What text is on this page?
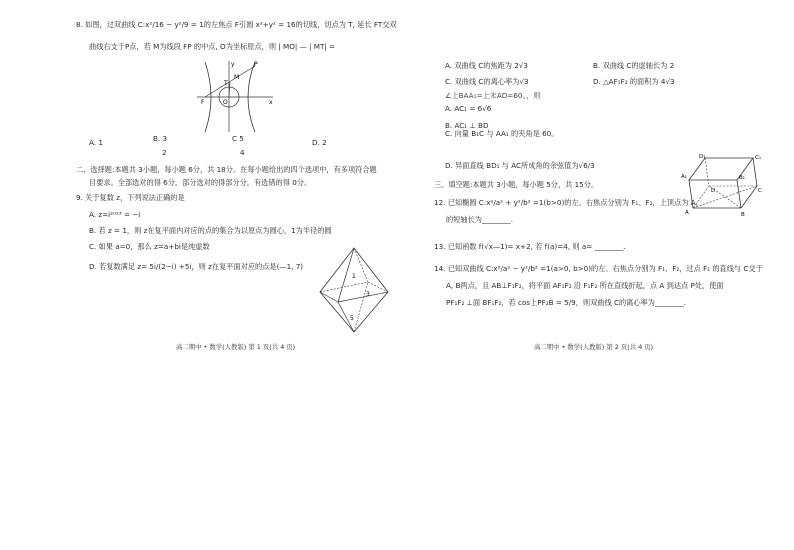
8. 如图，过双曲线 C:x²/16 − y²/9 = 1的左焦点 F引圆 x²+y² = 16的切线，切点为 T, 延长 FT交双
曲线右支于P点，若 M为线段 FP 的中点, O为坐标原点，则 | MO| — | MT| =
P
M
T
F	O	x
y
A. 1	B. 3
2
C 5
4
D. 2
二、选择题:本题共 3小题，每小题 6分，共 18分。在每小题给出的四个选项中，有多项符合题
目要求。全部选对的得 6分，部分选对的得部分分，有选错的得 0分。
9. 关于复数 z，下列说法正确的是
A. z=i²⁰²³ = −i
B. 若 z = 1，则 z在复平面内对应的点的集合为以原点为圆心，1为半径的圆
C. 如果 a=0，那么 z=a+bi是纯虚数
D. 若复数满足 z= 5i/(2−i) +5i，则 z在复平面对应的点是(—1, 7)
1
3
5
高二期中 • 数学(人教版) 第 1 页(共 4 页)
A. 双曲线 C的焦距为 2√3	B. 双曲线 C的虚轴长为 2
C. 双曲线 C的离心率为√3	D. △AF₁F₂ 的面积为 4√3
∠上BAA₁=上末AD=60。，则
A. AC₁ = 6√6
B. AC₁ ⊥ BD
C. 向量 B₁C 与 AA₁ 的夹角是 60。
D. 异面直线 BD₁ 与 AC所成角的余弦值为√6/3
D₁	C₁
A₁	B₁
D	C
A	B
三、填空题:本题共 3小题，每小题 5分，共 15分。
12. 已知椭圆 C:x²/a² + y²/b² =1(b>0)的左、右焦点分别为 F₁、F₂，上顶点为 A，
的短轴长为________.
13. 已知函数 f(√x—1)= x+2, 若 f(a)=4, 则 a= ________.
14. 已知双曲线 C:x²/a² − y²/b² =1(a>0, b>0)的左、右焦点分别为 F₁、F₂，过点 F₁ 的直线与 C交于
A, B两点，且 AB⊥F₁F₂，将平面 AF₁F₂ 沿 F₁F₂ 所在直线折起，点 A 到达点 P处，使面
PF₁F₂ ⊥面 BF₁F₂，若 cos上PF₂B = 5/9，则双曲线 C的离心率为________.
高二期中 • 数学(人教版) 第 2 页(共 4 页)
